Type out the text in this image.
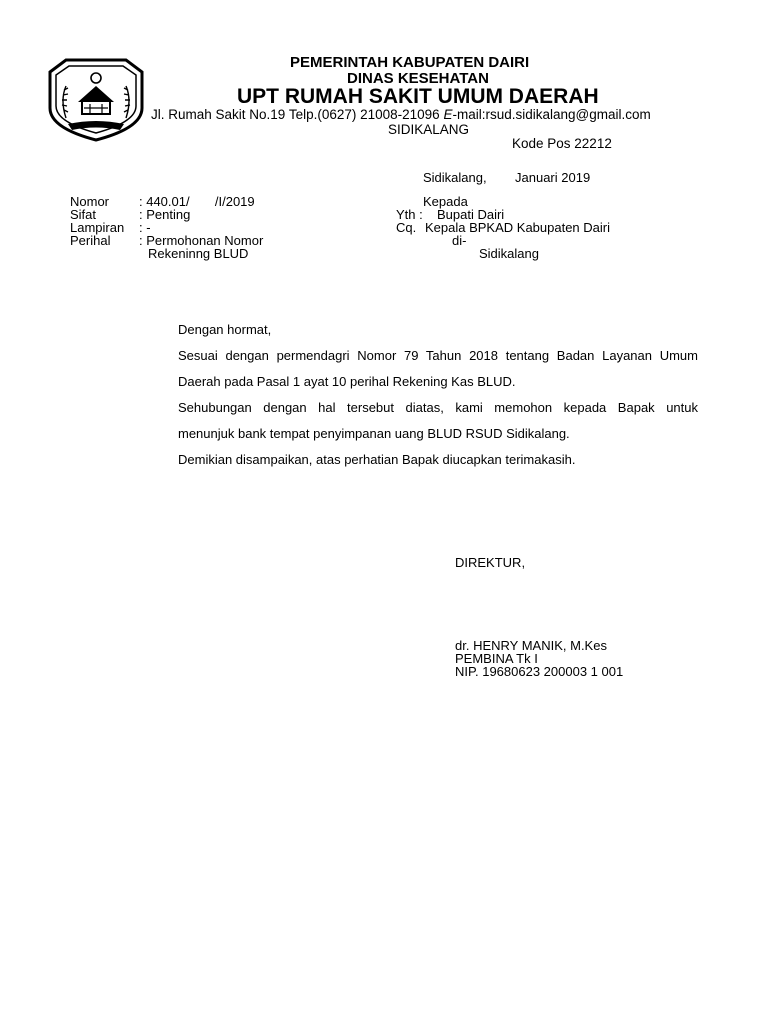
PEMERINTAH KABUPATEN DAIRI
DINAS KESEHATAN
UPT RUMAH SAKIT UMUM DAERAH
Jl. Rumah Sakit No.19 Telp.(0627) 21008-21096 E-mail:rsud.sidikalang@gmail.com
SIDIKALANG
Kode Pos 22212
Sidikalang, Januari 2019
Nomor : 440.01/       /I/2019
Sifat	: Penting
Lampiran : -
Perihal : Permohonan Nomor
Rekeninng BLUD
Kepada
Yth : Bupati Dairi
Cq. Kepala BPKAD Kabupaten Dairi
di-
Sidikalang
Dengan hormat,
Sesuai dengan permendagri Nomor 79 Tahun 2018 tentang Badan Layanan Umum
Daerah pada Pasal 1 ayat 10 perihal Rekening Kas BLUD.
Sehubungan dengan hal tersebut diatas, kami memohon kepada Bapak untuk
menunjuk bank tempat penyimpanan uang BLUD RSUD Sidikalang.
Demikian disampaikan, atas perhatian Bapak diucapkan terimakasih.
DIREKTUR,
dr. HENRY MANIK, M.Kes
PEMBINA Tk I
NIP. 19680623 200003 1 001
